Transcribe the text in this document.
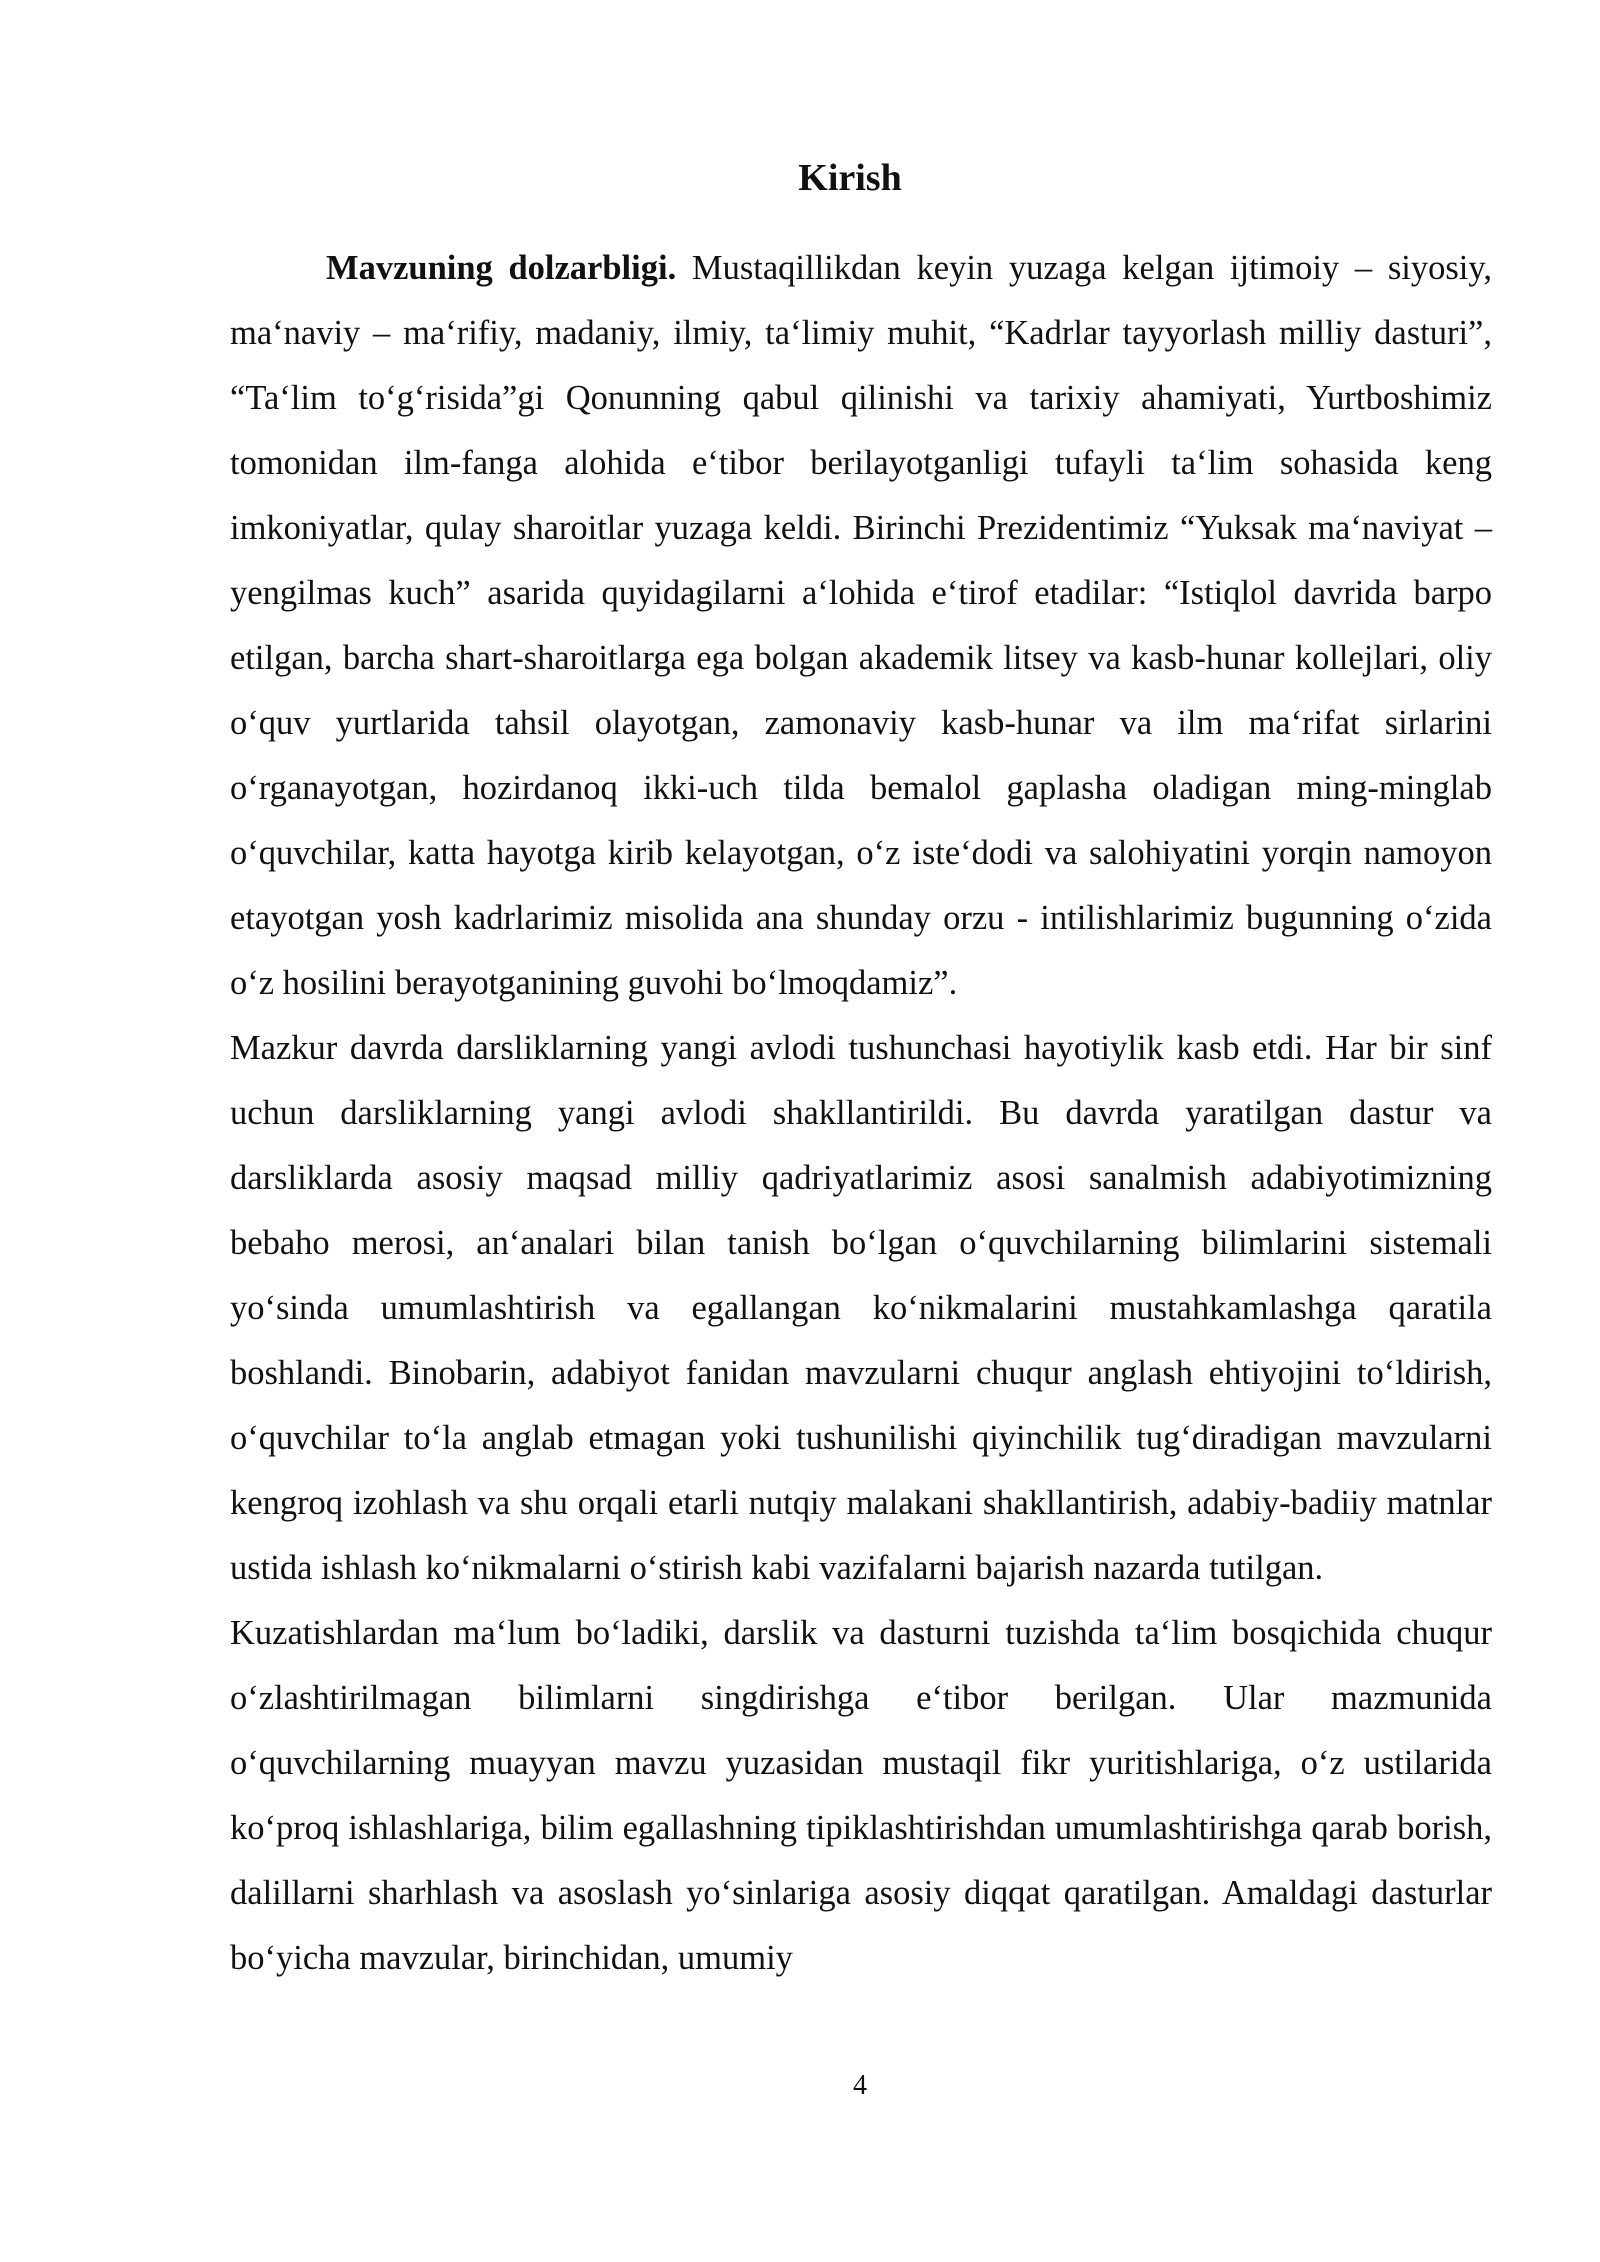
Kirish

Mavzuning dolzarbligi. Mustaqillikdan keyin yuzaga kelgan ijtimoiy – siyosiy, ma‘naviy – ma‘rifiy, madaniy, ilmiy, ta‘limiy muhit, “Kadrlar tayyorlash milliy dasturi”, “Ta‘lim to‘g‘risida”gi Qonunning qabul qilinishi va tarixiy ahamiyati, Yurtboshimiz tomonidan ilm-fanga alohida e‘tibor berilayotganligi tufayli ta‘lim sohasida keng imkoniyatlar, qulay sharoitlar yuzaga keldi. Birinchi Prezidentimiz “Yuksak ma‘naviyat – yengilmas kuch” asarida quyidagilarni a‘lohida e‘tirof etadilar: “Istiqlol davrida barpo etilgan, barcha shart-sharoitlarga ega bolgan akademik litsey va kasb-hunar kollejlari, oliy o‘quv yurtlarida tahsil olayotgan, zamonaviy kasb-hunar va ilm ma‘rifat sirlarini o‘rganayotgan, hozirdanoq ikki-uch tilda bemalol gaplasha oladigan ming-minglab o‘quvchilar, katta hayotga kirib kelayotgan, o‘z iste‘dodi va salohiyatini yorqin namoyon etayotgan yosh kadrlarimiz misolida ana shunday orzu - intilishlarimiz bugunning o‘zida o‘z hosilini berayotganining guvohi bo‘lmoqdamiz”.

Mazkur davrda darsliklarning yangi avlodi tushunchasi hayotiylik kasb etdi. Har bir sinf uchun darsliklarning yangi avlodi shakllantirildi. Bu davrda yaratilgan dastur va darsliklarda asosiy maqsad milliy qadriyatlarimiz asosi sanalmish adabiyotimizning bebaho merosi, an‘analari bilan tanish bo‘lgan o‘quvchilarning bilimlarini sistemali yo‘sinda umumlashtirish va egallangan ko‘nikmalarini mustahkamlashga qaratila boshlandi. Binobarin, adabiyot fanidan mavzularni chuqur anglash ehtiyojini to‘ldirish, o‘quvchilar to‘la anglab etmagan yoki tushunilishi qiyinchilik tug‘diradigan mavzularni kengroq izohlash va shu orqali etarli nutqiy malakani shakllantirish, adabiy-badiiy matnlar ustida ishlash ko‘nikmalarni o‘stirish kabi vazifalarni bajarish nazarda tutilgan.

Kuzatishlardan ma‘lum bo‘ladiki, darslik va dasturni tuzishda ta‘lim bosqichida chuqur o‘zlashtirilmagan bilimlarni singdirishga e‘tibor berilgan. Ular mazmunida o‘quvchilarning muayyan mavzu yuzasidan mustaqil fikr yuritishlariga, o‘z ustilarida ko‘proq ishlashlariga, bilim egallashning tipiklashtirishdan umumlashtirishga qarab borish, dalillarni sharhlash va asoslash yo‘sinlariga asosiy diqqat qaratilgan. Amaldagi dasturlar bo‘yicha mavzular, birinchidan, umumiy

4
